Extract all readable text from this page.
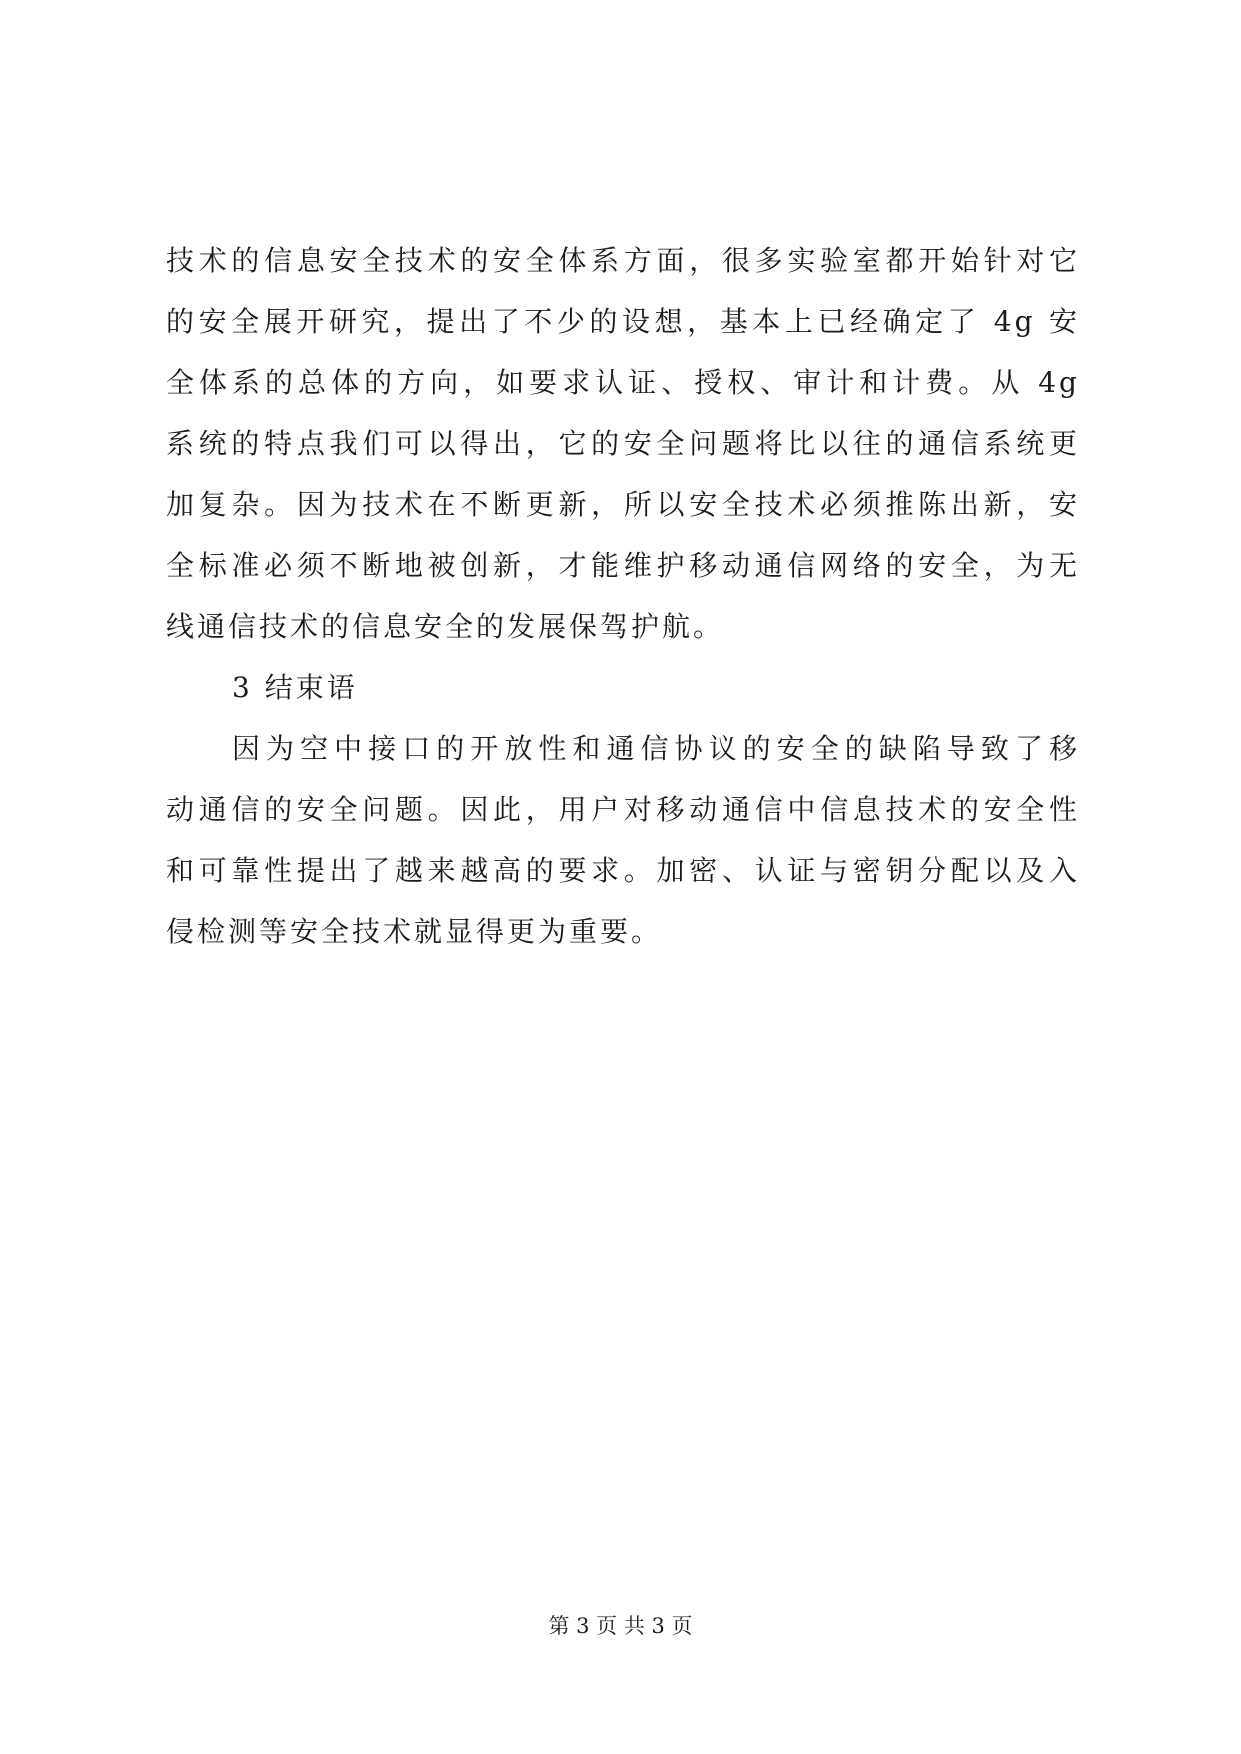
技术的信息安全技术的安全体系方面，很多实验室都开始针对它
的安全展开研究，提出了不少的设想，基本上已经确定了 4g 安
全体系的总体的方向，如要求认证、授权、审计和计费。从 4g
系统的特点我们可以得出，它的安全问题将比以往的通信系统更
加复杂。因为技术在不断更新，所以安全技术必须推陈出新，安
全标准必须不断地被创新，才能维护移动通信网络的安全，为无
线通信技术的信息安全的发展保驾护航。
3 结束语
因为空中接口的开放性和通信协议的安全的缺陷导致了移
动通信的安全问题。因此，用户对移动通信中信息技术的安全性
和可靠性提出了越来越高的要求。加密、认证与密钥分配以及入
侵检测等安全技术就显得更为重要。
第 3 页 共 3 页
